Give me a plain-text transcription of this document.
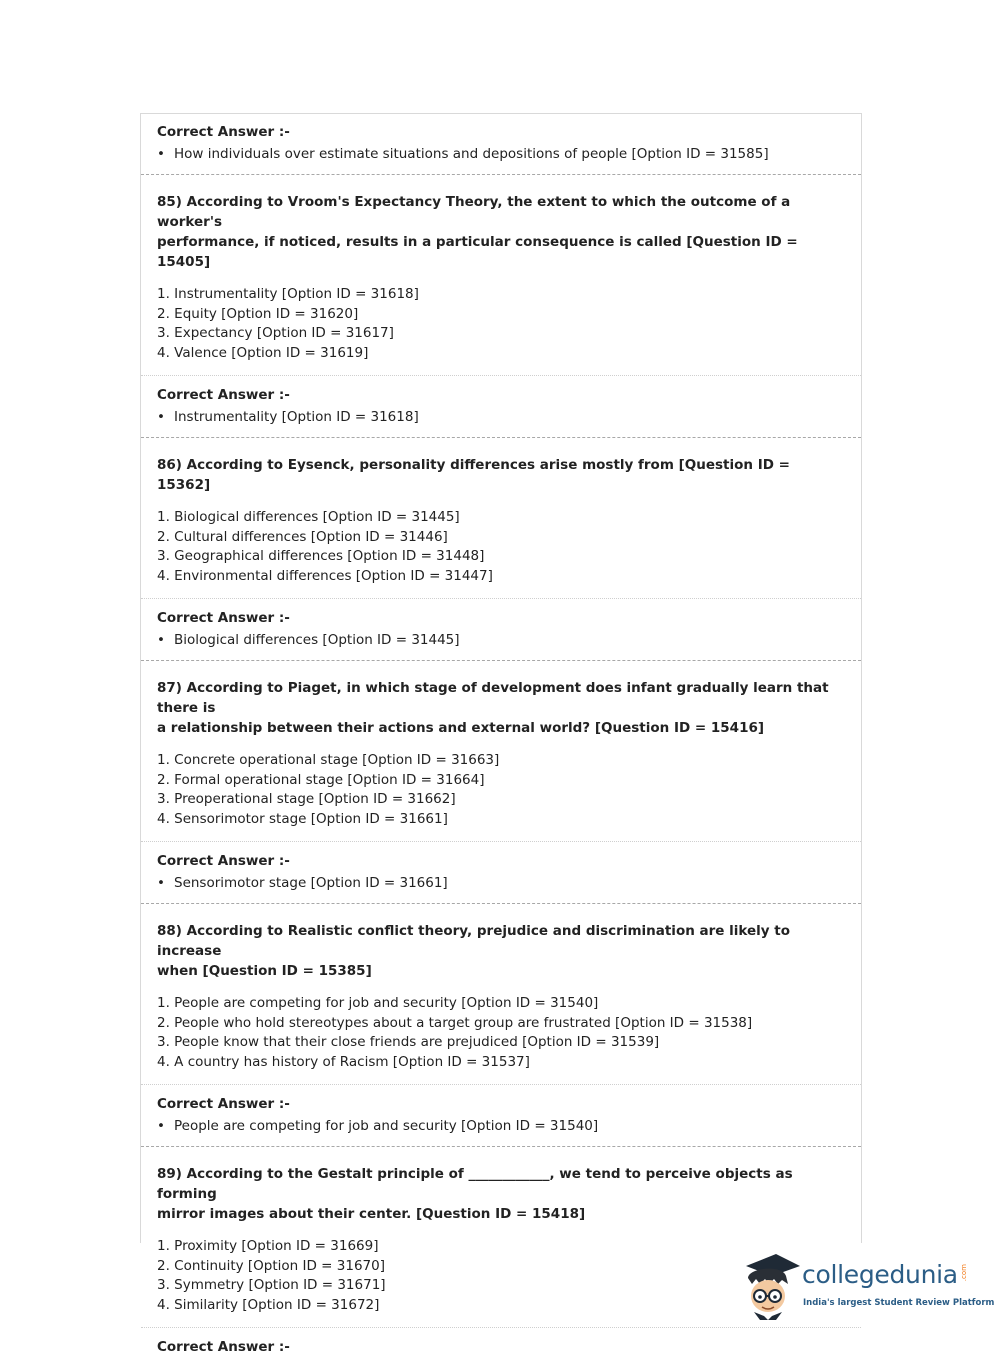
Correct Answer :-

• How individuals over estimate situations and depositions of people [Option ID = 31585]

85) According to Vroom's Expectancy Theory, the extent to which the outcome of a worker's
performance, if noticed, results in a particular consequence is called [Question ID = 15405]

1. Instrumentality [Option ID = 31618]

2. Equity [Option ID = 31620]

3. Expectancy [Option ID = 31617]

4. Valence [Option ID = 31619]

Correct Answer :-

• Instrumentality [Option ID = 31618]

86) According to Eysenck, personality differences arise mostly from [Question ID = 15362]

1. Biological differences [Option ID = 31445]

2. Cultural differences [Option ID = 31446]

3. Geographical differences [Option ID = 31448]

4. Environmental differences [Option ID = 31447]

Correct Answer :-

• Biological differences [Option ID = 31445]

87) According to Piaget, in which stage of development does infant gradually learn that there is
a relationship between their actions and external world? [Question ID = 15416]

1. Concrete operational stage [Option ID = 31663]

2. Formal operational stage [Option ID = 31664]

3. Preoperational stage [Option ID = 31662]

4. Sensorimotor stage [Option ID = 31661]

Correct Answer :-

• Sensorimotor stage [Option ID = 31661]

88) According to Realistic conflict theory, prejudice and discrimination are likely to increase
when [Question ID = 15385]

1. People are competing for job and security [Option ID = 31540]

2. People who hold stereotypes about a target group are frustrated [Option ID = 31538]

3. People know that their close friends are prejudiced [Option ID = 31539]

4. A country has history of Racism [Option ID = 31537]

Correct Answer :-

• People are competing for job and security [Option ID = 31540]

89) According to the Gestalt principle of ____________, we tend to perceive objects as forming
mirror images about their center. [Question ID = 15418]

1. Proximity [Option ID = 31669]

2. Continuity [Option ID = 31670]

3. Symmetry [Option ID = 31671]

4. Similarity [Option ID = 31672]

Correct Answer :-

collegedunia .com
India's largest Student Review Platform
